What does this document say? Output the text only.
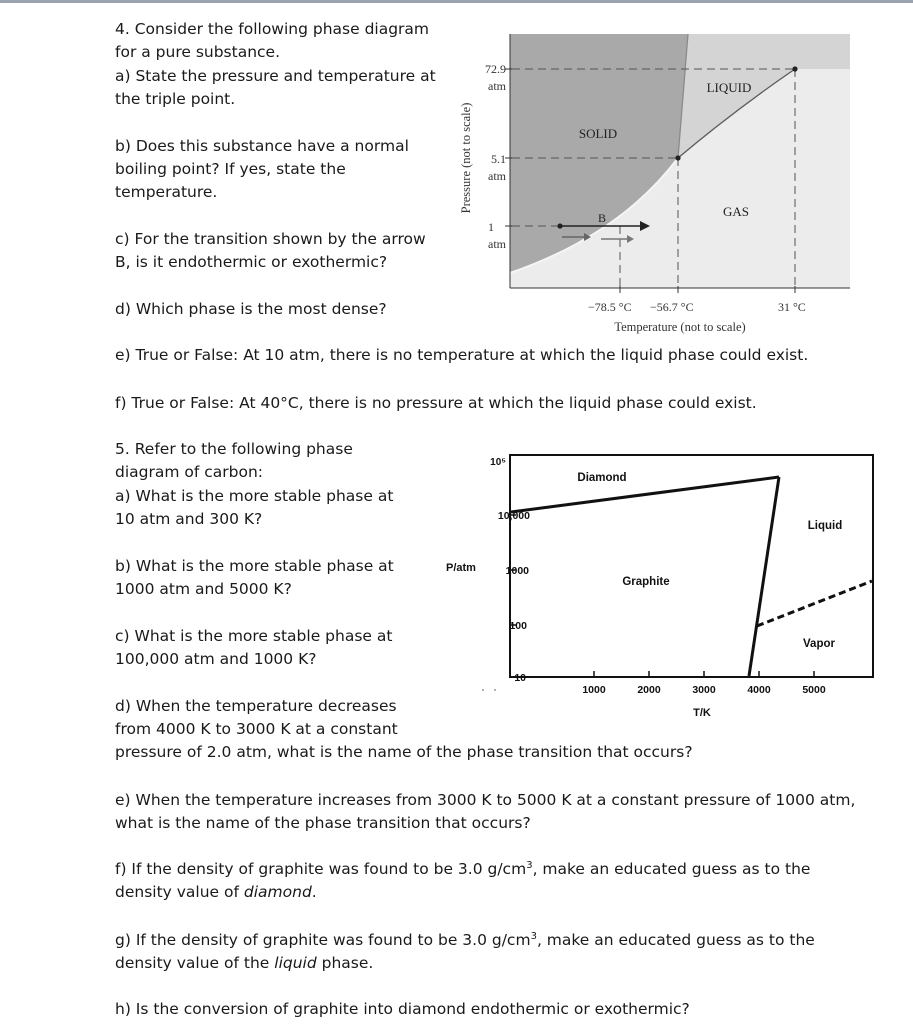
4. Consider the following phase diagram
for a pure substance.
a) State the pressure and temperature at
the triple point.
b) Does this substance have a normal
boiling point? If yes, state the
temperature.
c) For the transition shown by the arrow
B, is it endothermic or exothermic?
d) Which phase is the most dense?
e) True or False: At 10 atm, there is no temperature at which the liquid phase could exist.
f) True or False: At 40°C, there is no pressure at which the liquid phase could exist.
72.9
atm
5.1
atm
1
atm
−78.5 °C −56.7 °C	31 °C
Temperature (not to scale)
Pressure (not to scale)	SOLID
LIQUID
GAS
B
5. Refer to the following phase
diagram of carbon:
a) What is the more stable phase at
10 atm and 300 K?
b) What is the more stable phase at
1000 atm and 5000 K?
c) What is the more stable phase at
100,000 atm and 1000 K?
d) When the temperature decreases
from 4000 K to 3000 K at a constant
pressure of 2.0 atm, what is the name of the phase transition that occurs?
10⁵
10,000
1000
100
10
1000	2000	3000	4000	5000
P/atm
T/K
Diamond
Graphite
Liquid
Vapor
e) When the temperature increases from 3000 K to 5000 K at a constant pressure of 1000 atm,
what is the name of the phase transition that occurs?
f) If the density of graphite was found to be 3.0 $g/cm^3$, make an educated guess as to the
density value of diamond.
g) If the density of graphite was found to be 3.0 $g/cm^3$, make an educated guess as to the
density value of the liquid phase.
h) Is the conversion of graphite into diamond endothermic or exothermic?
